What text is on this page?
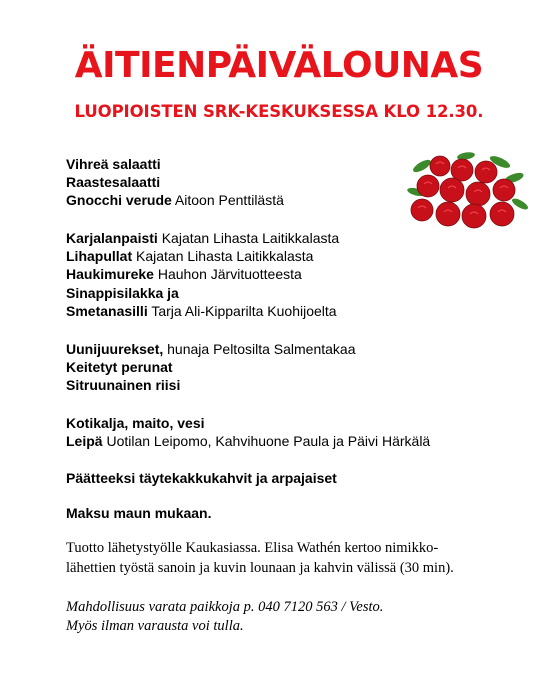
ÄITIENPÄIVÄLOUNAS
LUOPIOISTEN SRK-KESKUKSESSA KLO 12.30.
Vihreä salaatti
Raastesalaatti
Gnocchi verude Aitoon Penttilästä
Karjalanpaisti Kajatan Lihasta Laitikkalasta
Lihapullat Kajatan Lihasta Laitikkalasta
Haukimureke Hauhon Järvituotteesta
Sinappisilakka ja
Smetanasilli Tarja Ali-Kipparilta Kuohijoelta
Uunijuurekset, hunaja Peltosilta Salmentakaa
Keitetyt perunat
Sitruunainen riisi
Kotikalja, maito, vesi
Leipä Uotilan Leipomo, Kahvihuone Paula ja Päivi Härkälä
Päätteeksi täytekakkukahvit ja arpajaiset
Maksu maun mukaan.
Tuotto lähetystyölle Kaukasiassa. Elisa Wathén kertoo nimikko-
lähettien työstä sanoin ja kuvin lounaan ja kahvin välissä (30 min).
Mahdollisuus varata paikkoja p. 040 7120 563 / Vesto.
Myös ilman varausta voi tulla.
